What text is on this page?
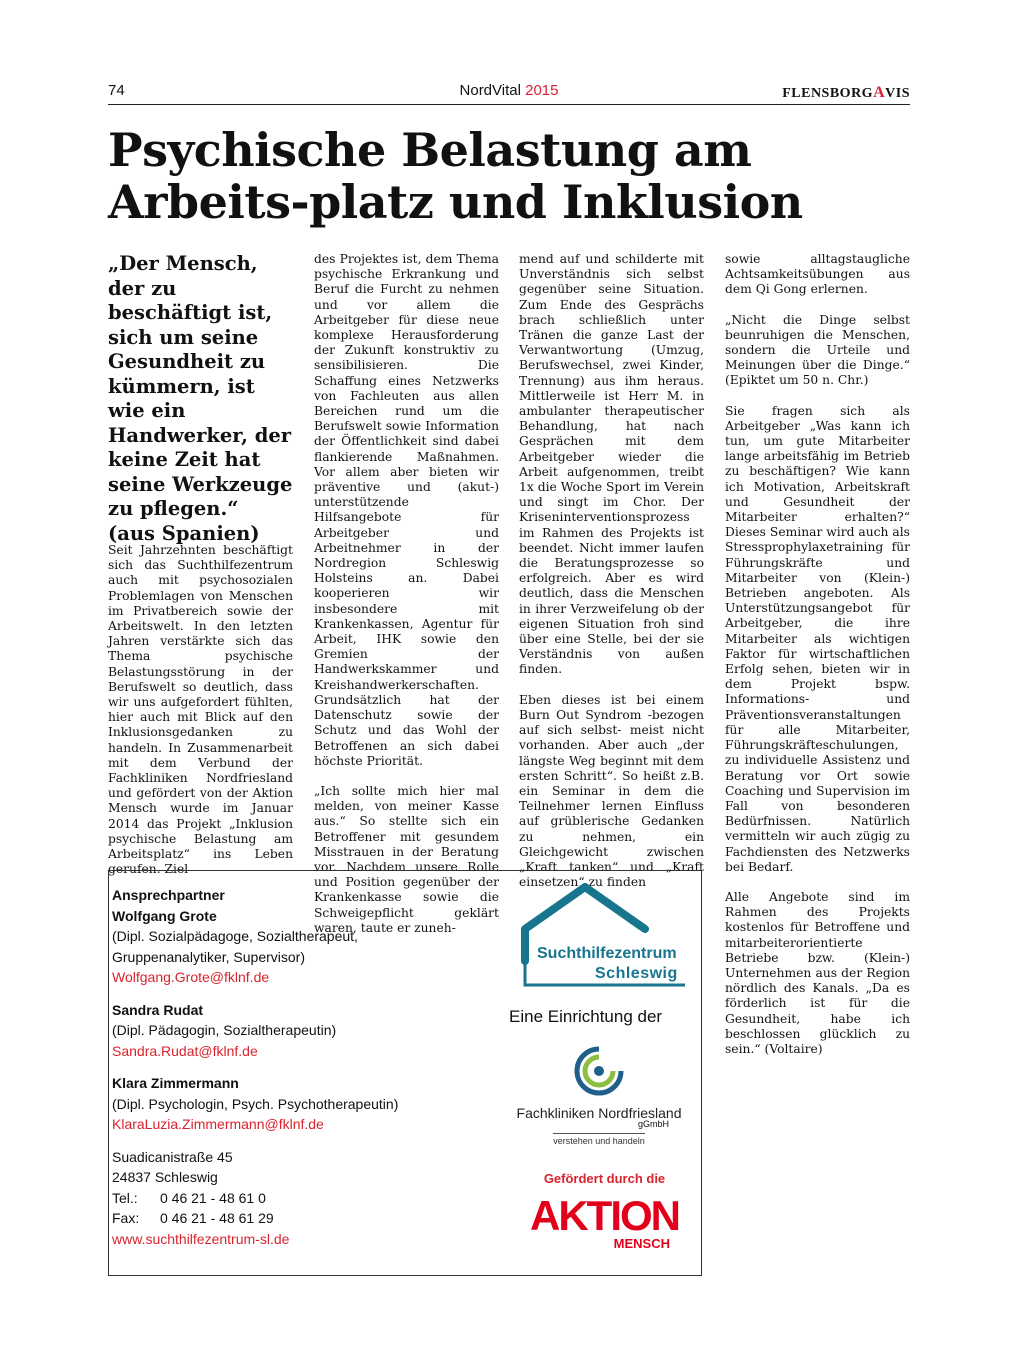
74	NordVital 2015	FLENSBORGAVIS
Psychische Belastung am Arbeits-platz und Inklusion
„Der Mensch, der zu beschäftigt ist, sich um seine Gesundheit zu kümmern, ist wie ein Handwerker, der keine Zeit hat seine Werkzeuge zu pflegen.“
(aus Spanien)

Seit Jahrzehnten beschäftigt sich das Suchthilfezentrum auch mit psychosozialen Problemlagen von Menschen im Privatbereich sowie der Arbeitswelt. In den letzten Jahren verstärkte sich das Thema psychische Belastungsstörung in der Berufswelt so deutlich, dass wir uns aufgefordert fühlten, hier auch mit Blick auf den Inklusionsgedanken zu handeln. In Zusammenarbeit mit dem Verbund der Fachkliniken Nordfriesland und gefördert von der Aktion Mensch wurde im Januar 2014 das Projekt „Inklusion psychische Belastung am Arbeitsplatz“ ins Leben gerufen. Ziel

des Projektes ist, dem Thema psychische Erkrankung und Beruf die Furcht zu nehmen und vor allem die Arbeitgeber für diese neue komplexe Herausforderung der Zukunft konstruktiv zu sensibilisieren. Die Schaffung eines Netzwerks von Fachleuten aus allen Bereichen rund um die Berufswelt sowie Information der Öffentlichkeit sind dabei flankierende Maßnahmen. Vor allem aber bieten wir präventive und (akut-) unterstützende Hilfsangebote für Arbeitgeber und Arbeitnehmer in der Nordregion Schleswig Holsteins an. Dabei kooperieren wir insbesondere mit Krankenkassen, Agentur für Arbeit, IHK sowie den Gremien der Handwerkskammer und Kreishandwerkerschaften. Grundsätzlich hat der Datenschutz sowie der Schutz und das Wohl der Betroffenen an sich dabei höchste Priorität.

„Ich sollte mich hier mal melden, von meiner Kasse aus.“ So stellte sich ein Betroffener mit gesundem Misstrauen in der Beratung vor. Nachdem unsere Rolle und Position gegenüber der Krankenkasse sowie die Schweigepflicht geklärt waren, taute er zuneh-

mend auf und schilderte mit Unverständnis sich selbst gegenüber seine Situation. Zum Ende des Gesprächs brach schließlich unter Tränen die ganze Last der Verwantwortung (Umzug, Berufswechsel, zwei Kinder, Trennung) aus ihm heraus. Mittlerweile ist Herr M. in ambulanter therapeutischer Behandlung, hat nach Gesprächen mit dem Arbeitgeber wieder die Arbeit aufgenommen, treibt 1x die Woche Sport im Verein und singt im Chor. Der Kriseninterventionsprozess im Rahmen des Projekts ist beendet. Nicht immer laufen die Beratungsprozesse so erfolgreich. Aber es wird deutlich, dass die Menschen in ihrer Verzweifelung ob der eigenen Situation froh sind über eine Stelle, bei der sie Verständnis von außen finden.

Eben dieses ist bei einem Burn Out Syndrom -bezogen auf sich selbst- meist nicht vorhanden. Aber auch „der längste Weg beginnt mit dem ersten Schritt“. So heißt z.B. ein Seminar in dem die Teilnehmer lernen Einfluss auf grüblerische Gedanken zu nehmen, ein Gleichgewicht zwischen „Kraft tanken“ und „Kraft einsetzen“ zu finden

sowie alltagstaugliche Achtsamkeitsübungen aus dem Qi Gong erlernen.

„Nicht die Dinge selbst beunruhigen die Menschen, sondern die Urteile und Meinungen über die Dinge.“ (Epiktet um 50 n. Chr.)

Sie fragen sich als Arbeitgeber „Was kann ich tun, um gute Mitarbeiter lange arbeitsfähig im Betrieb zu beschäftigen? Wie kann ich Motivation, Arbeitskraft und Gesundheit der Mitarbeiter erhalten?“ Dieses Seminar wird auch als Stressprophylaxetraining für Führungskräfte und Mitarbeiter von (Klein-) Betrieben angeboten. Als Unterstützungsangebot für Arbeitgeber, die ihre Mitarbeiter als wichtigen Faktor für wirtschaftlichen Erfolg sehen, bieten wir in dem Projekt bspw. Informations- und Präventionsveranstaltungen für alle Mitarbeiter, Führungskräfteschulungen, zu individuelle Assistenz und Beratung vor Ort sowie Coaching und Supervision im Fall von besonderen Bedürfnissen. Natürlich vermitteln wir auch zügig zu Fachdiensten des Netzwerks bei Bedarf.

Alle Angebote sind im Rahmen des Projekts kostenlos für Betroffene und mitarbeiterorientierte Betriebe bzw. (Klein-) Unternehmen aus der Region nördlich des Kanals. „Da es förderlich ist für die Gesundheit, habe ich beschlossen glücklich zu sein.“ (Voltaire)

Ansprechpartner
Wolfgang Grote
(Dipl. Sozialpädagoge, Sozialtherapeut,
Gruppenanalytiker, Supervisor)
Wolfgang.Grote@fklnf.de
Sandra Rudat
(Dipl. Pädagogin, Sozialtherapeutin)
Sandra.Rudat@fklnf.de
Klara Zimmermann
(Dipl. Psychologin, Psych. Psychotherapeutin)
KlaraLuzia.Zimmermann@fklnf.de
Suadicanistraße 45
24837 Schleswig
Tel.:	0 46 21 - 48 61 0
Fax:	0 46 21 - 48 61 29
www.suchthilfezentrum-sl.de
Suchthilfezentrum
Schleswig
Eine Einrichtung der
Fachkliniken Nordfriesland
gGmbH
verstehen und handeln
Gefördert durch die
AKTION
MENSCH
